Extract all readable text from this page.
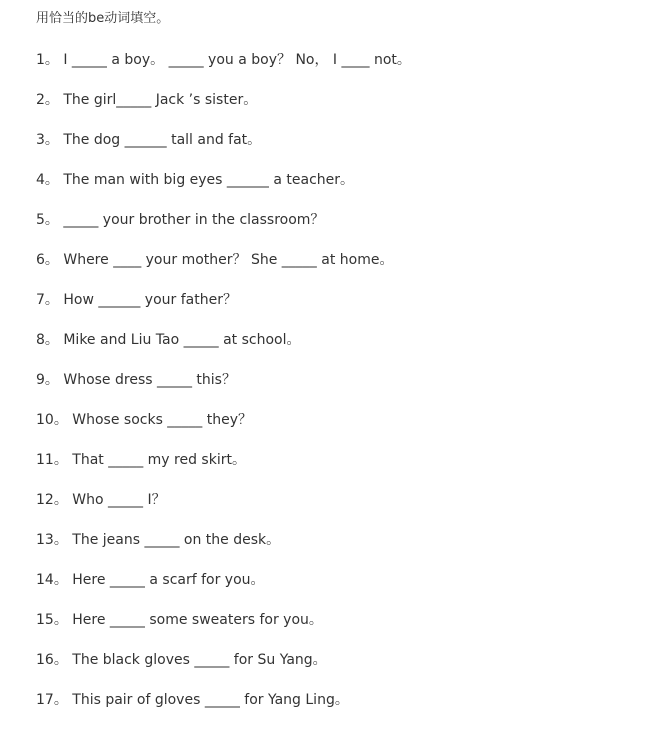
用恰当的be动词填空。
1。 I _____ a boy。 _____ you a boy？ No， I ____ not。
2。 The girl_____ Jack ’s sister。
3。 The dog ______ tall and fat。
4。 The man with big eyes ______ a teacher。
5。 _____ your brother in the classroom？
6。 Where ____ your mother？ She _____ at home。
7。 How ______ your father？
8。 Mike and Liu Tao _____ at school。
9。 Whose dress _____ this？
10。 Whose socks _____ they？
11。 That _____ my red skirt。
12。 Who _____ I？
13。 The jeans _____ on the desk。
14。 Here _____ a scarf for you。
15。 Here _____ some sweaters for you。
16。 The black gloves _____ for Su Yang。
17。 This pair of gloves _____ for Yang Ling。
